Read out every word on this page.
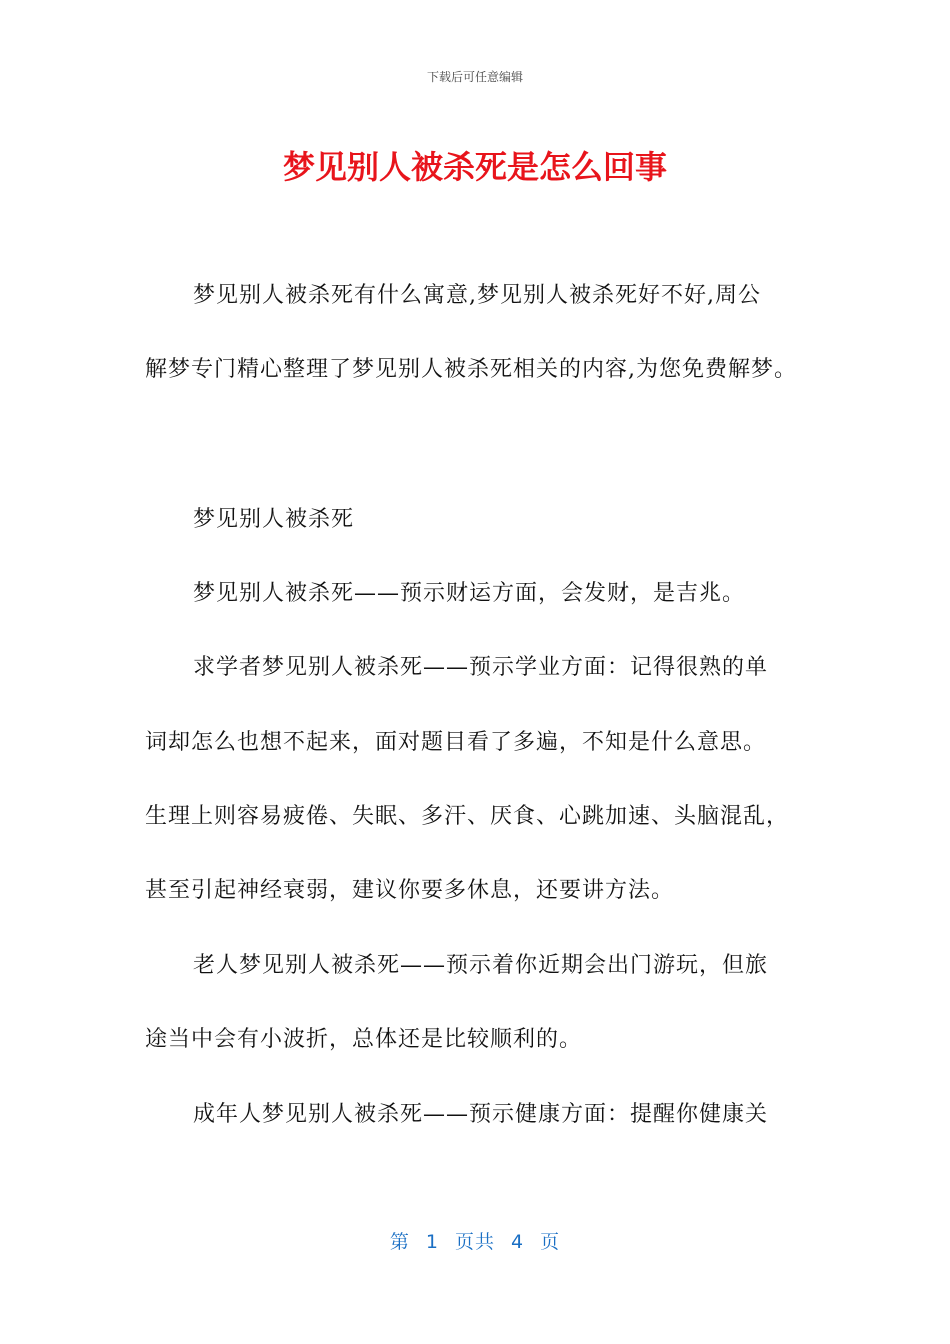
下载后可任意编辑
梦见别人被杀死是怎么回事
梦见别人被杀死有什么寓意,梦见别人被杀死好不好,周公
解梦专门精心整理了梦见别人被杀死相关的内容,为您免费解梦。
梦见别人被杀死
梦见别人被杀死——预示财运方面，会发财，是吉兆。
求学者梦见别人被杀死——预示学业方面：记得很熟的单
词却怎么也想不起来，面对题目看了多遍，不知是什么意思。
生理上则容易疲倦、失眠、多汗、厌食、心跳加速、头脑混乱，
甚至引起神经衰弱，建议你要多休息，还要讲方法。
老人梦见别人被杀死——预示着你近期会出门游玩，但旅
途当中会有小波折，总体还是比较顺利的。
成年人梦见别人被杀死——预示健康方面：提醒你健康关
第 1 页共 4 页
